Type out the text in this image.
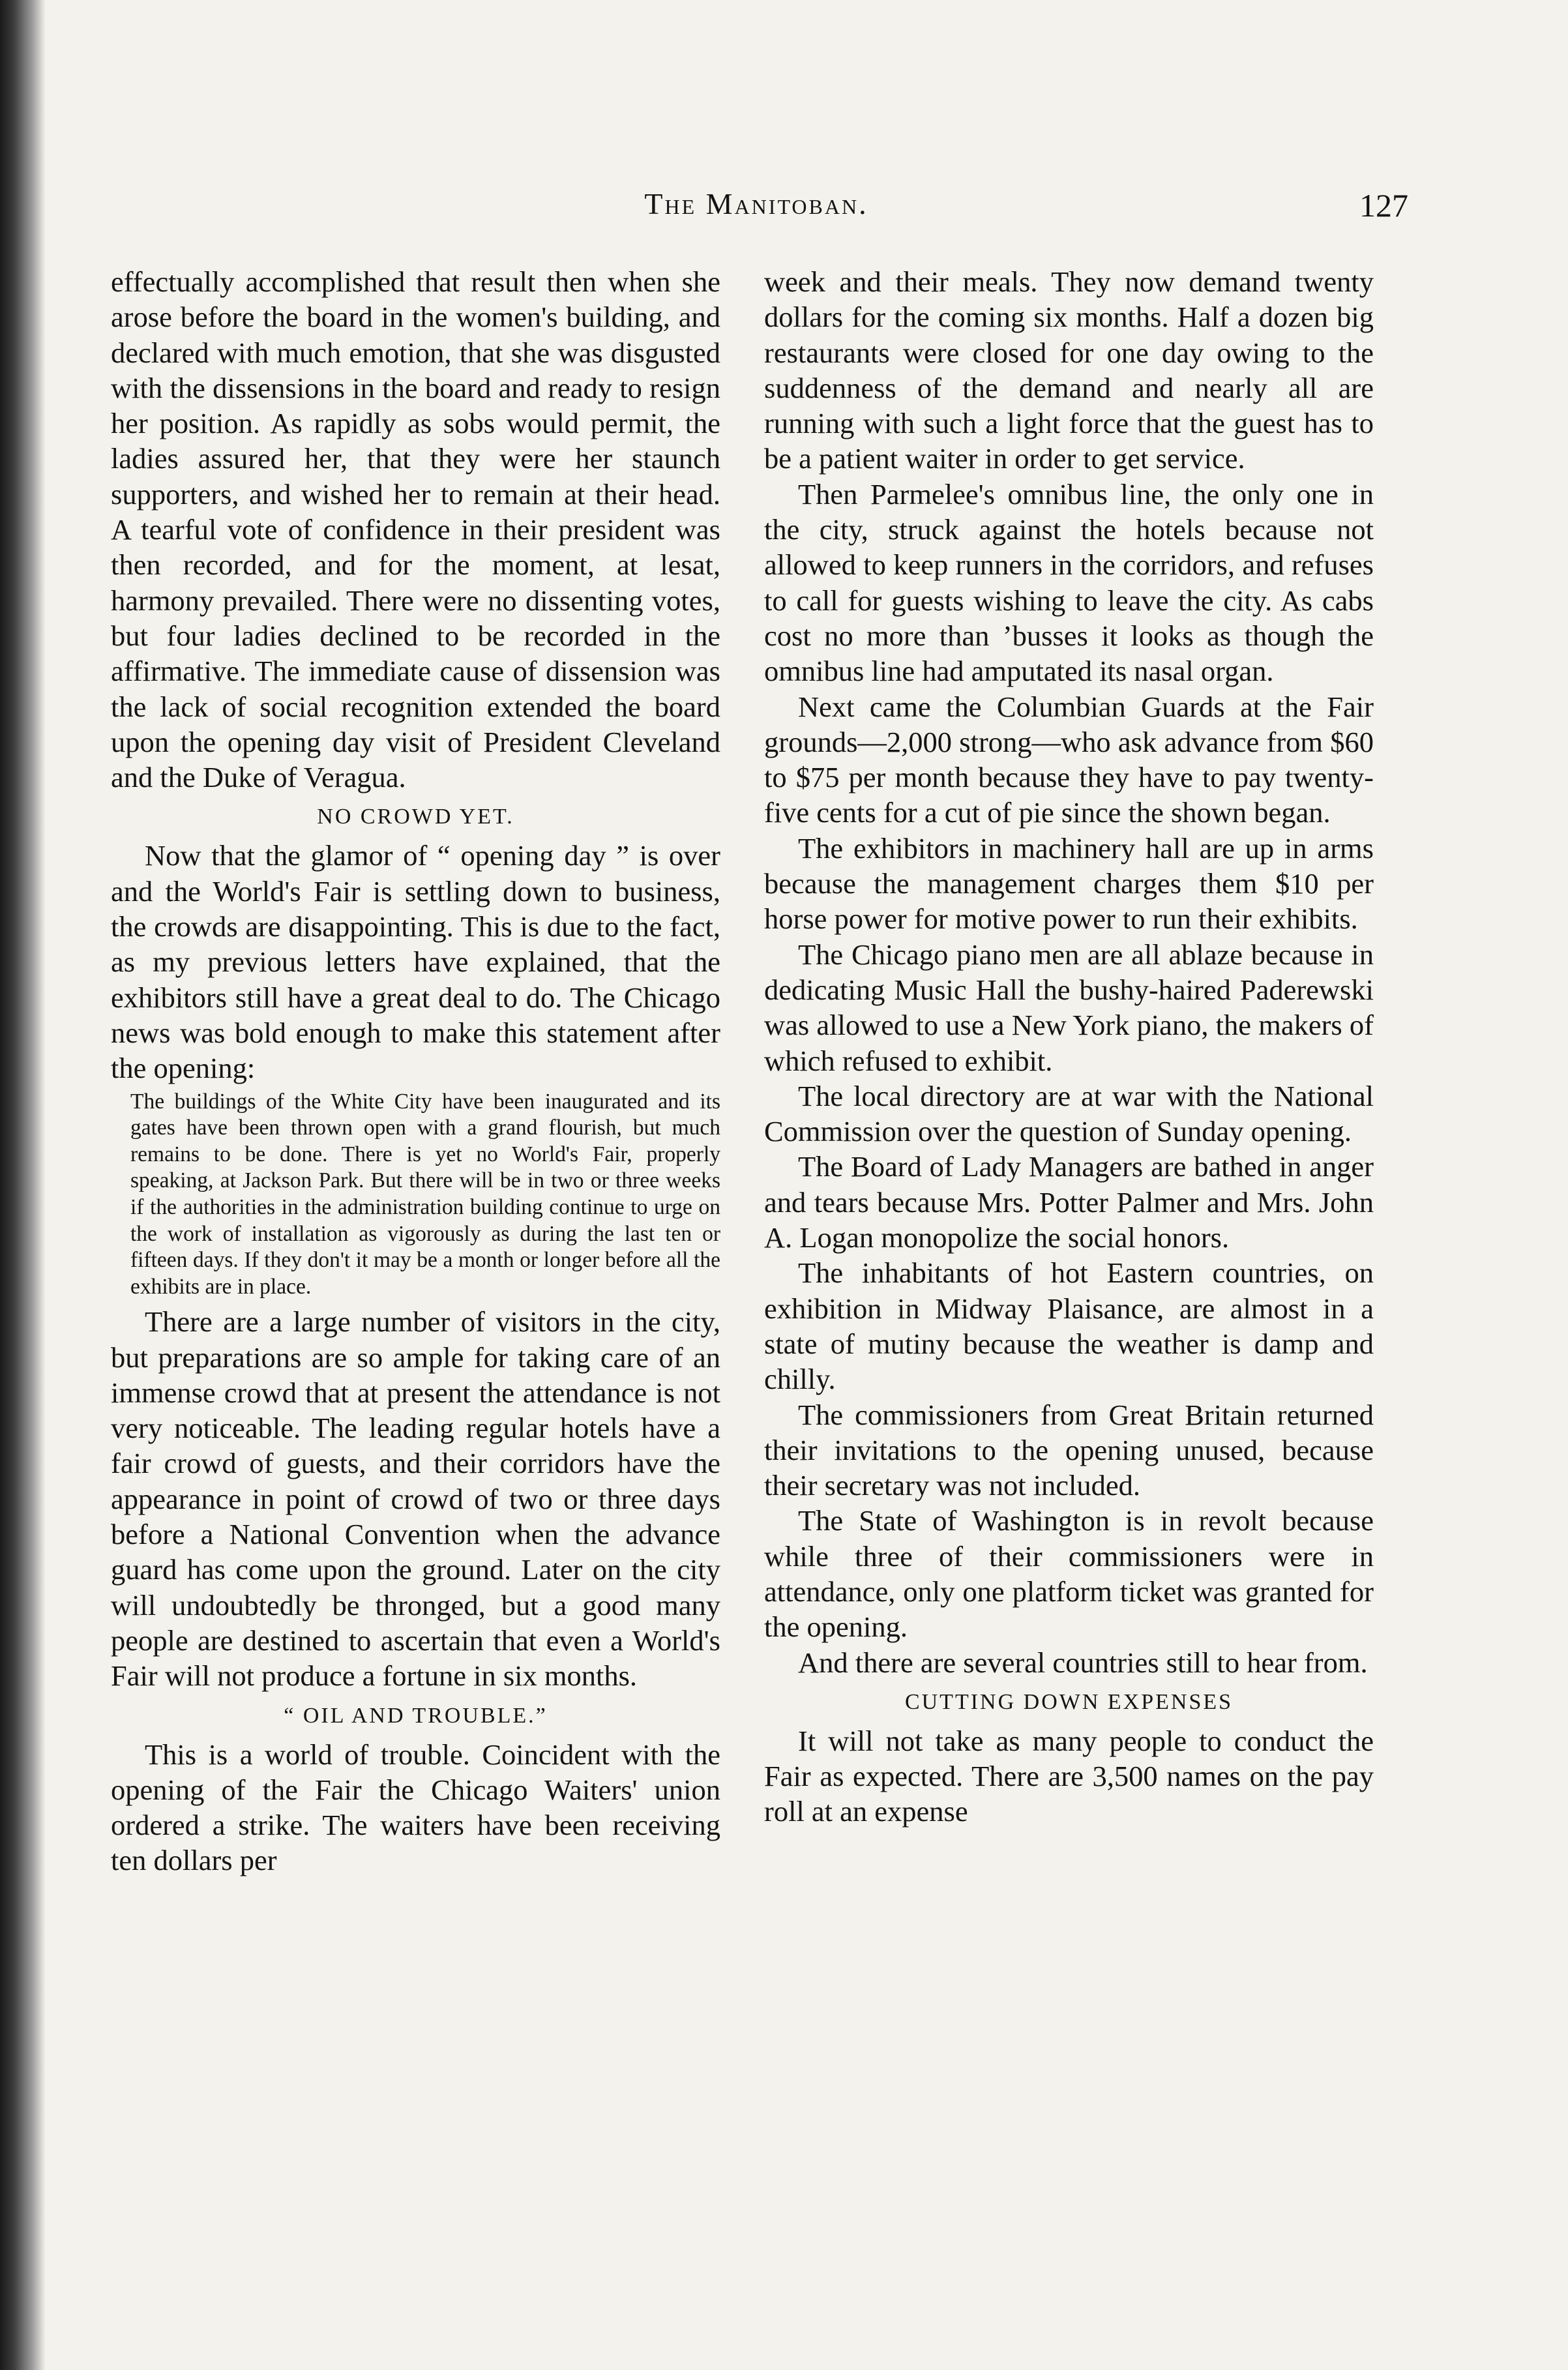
The Manitoban.	127

effectually accomplished that result then when she arose before the board in the women's building, and declared with much emotion, that she was disgusted with the dissensions in the board and ready to resign her position. As rapidly as sobs would permit, the ladies assured her, that they were her staunch supporters, and wished her to remain at their head. A tearful vote of confidence in their president was then recorded, and for the moment, at lesat, harmony prevailed. There were no dissenting votes, but four ladies declined to be recorded in the affirmative. The immediate cause of dissension was the lack of social recognition extended the board upon the opening day visit of President Cleveland and the Duke of Veragua.

NO CROWD YET.

Now that the glamor of “ opening day ” is over and the World's Fair is settling down to business, the crowds are disappointing. This is due to the fact, as my previous letters have explained, that the exhibitors still have a great deal to do. The Chicago news was bold enough to make this statement after the opening:

The buildings of the White City have been inaugurated and its gates have been thrown open with a grand flourish, but much remains to be done. There is yet no World's Fair, properly speaking, at Jackson Park. But there will be in two or three weeks if the authorities in the administration building continue to urge on the work of installation as vigorously as during the last ten or fifteen days. If they don't it may be a month or longer before all the exhibits are in place.

There are a large number of visitors in the city, but preparations are so ample for taking care of an immense crowd that at present the attendance is not very noticeable. The leading regular hotels have a fair crowd of guests, and their corridors have the appearance in point of crowd of two or three days before a National Convention when the advance guard has come upon the ground. Later on the city will undoubtedly be thronged, but a good many people are destined to ascertain that even a World's Fair will not produce a fortune in six months.

“ OIL AND TROUBLE.”

This is a world of trouble. Coincident with the opening of the Fair the Chicago Waiters' union ordered a strike. The waiters have been receiving ten dollars per

week and their meals. They now demand twenty dollars for the coming six months. Half a dozen big restaurants were closed for one day owing to the suddenness of the demand and nearly all are running with such a light force that the guest has to be a patient waiter in order to get service.

Then Parmelee's omnibus line, the only one in the city, struck against the hotels because not allowed to keep runners in the corridors, and refuses to call for guests wishing to leave the city. As cabs cost no more than ’busses it looks as though the omnibus line had amputated its nasal organ.

Next came the Columbian Guards at the Fair grounds—2,000 strong—who ask advance from $60 to $75 per month because they have to pay twenty-five cents for a cut of pie since the shown began.

The exhibitors in machinery hall are up in arms because the management charges them $10 per horse power for motive power to run their exhibits.

The Chicago piano men are all ablaze because in dedicating Music Hall the bushy-haired Paderewski was allowed to use a New York piano, the makers of which refused to exhibit.

The local directory are at war with the National Commission over the question of Sunday opening.

The Board of Lady Managers are bathed in anger and tears because Mrs. Potter Palmer and Mrs. John A. Logan monopolize the social honors.

The inhabitants of hot Eastern countries, on exhibition in Midway Plaisance, are almost in a state of mutiny because the weather is damp and chilly.

The commissioners from Great Britain returned their invitations to the opening unused, because their secretary was not included.

The State of Washington is in revolt because while three of their commissioners were in attendance, only one platform ticket was granted for the opening.

And there are several countries still to hear from.

CUTTING DOWN EXPENSES

It will not take as many people to conduct the Fair as expected. There are 3,500 names on the pay roll at an expense
